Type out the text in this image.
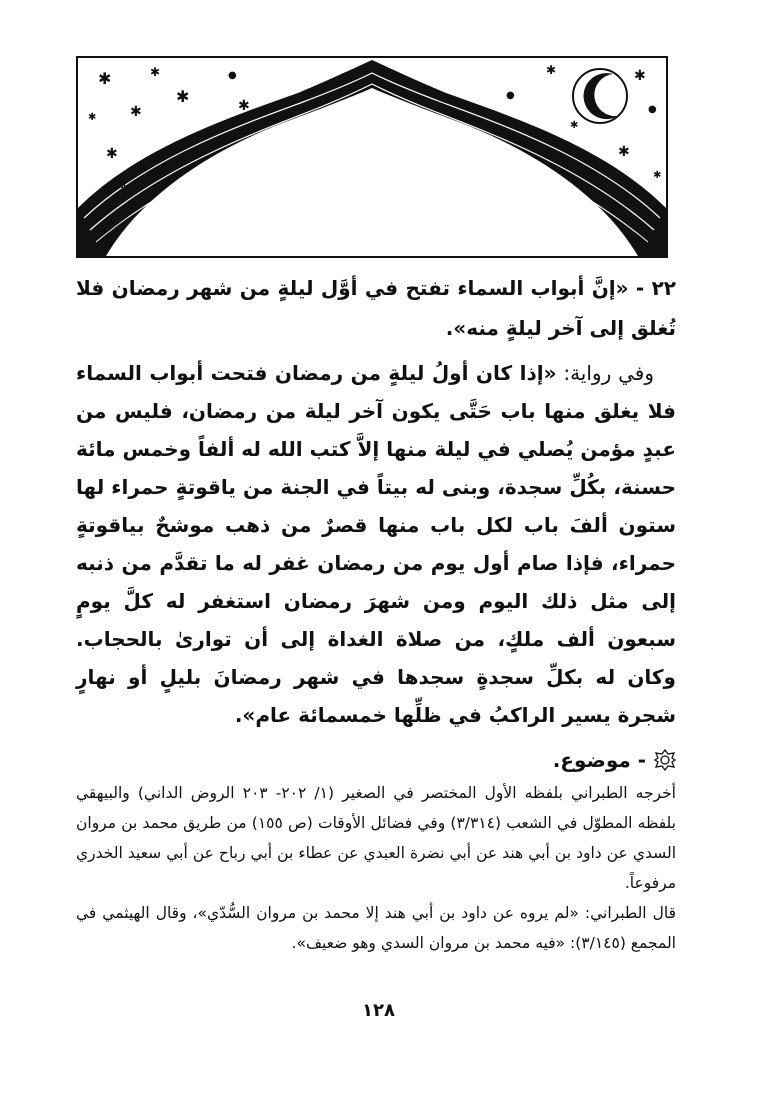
✱	✱
✱
✱
✱
●
✱
✱
✱
✱
✱
●
✱
●
✱
✱
✱

٢٢ - «إنَّ أبواب السماء تفتح في أوَّل ليلةٍ من شهر رمضان فلا تُغلق إلى آخر ليلةٍ منه».

وفي رواية: «إذا كان أولُ ليلةٍ من رمضان فتحت أبواب السماء فلا يغلق منها باب حَتَّى يكون آخر ليلة من رمضان، فليس من عبدٍ مؤمن يُصلي في ليلة منها إلاَّ كتب الله له ألفاً وخمس مائة حسنة، بكُلِّ سجدة، وبنى له بيتاً في الجنة من ياقوتةٍ حمراء لها ستون ألفَ باب لكل باب منها قصرٌ من ذهب موشحٌ بياقوتةٍ حمراء، فإذا صام أول يوم من رمضان غفر له ما تقدَّم من ذنبه إلى مثل ذلك اليوم ومن شهرَ رمضان استغفر له كلَّ يومٍ سبعون ألف ملكٍ، من صلاة الغداة إلى أن توارىٰ بالحجاب. وكان له بكلِّ سجدةٍ سجدها في شهر رمضانَ بليلٍ أو نهارٍ شجرة يسير الراكبُ في ظلِّها خمسمائة عام».

- موضوع.

أخرجه الطبراني بلفظه الأول المختصر في الصغير (١/ ٢٠٢- ٢٠٣ الروض الداني) والبيهقي بلفظه المطوّل في الشعب (٣/٣١٤) وفي فضائل الأوقات (ص ١٥٥) من طريق محمد بن مروان السدي عن داود بن أبي هند عن أبي نضرة العبدي عن عطاء بن أبي رباح عن أبي سعيد الخدري مرفوعاً.

قال الطبراني: «لم يروه عن داود بن أبي هند إلا محمد بن مروان السُّدّي»، وقال الهيثمي في المجمع (٣/١٤٥): «فيه محمد بن مروان السدي وهو ضعيف».

١٢٨
